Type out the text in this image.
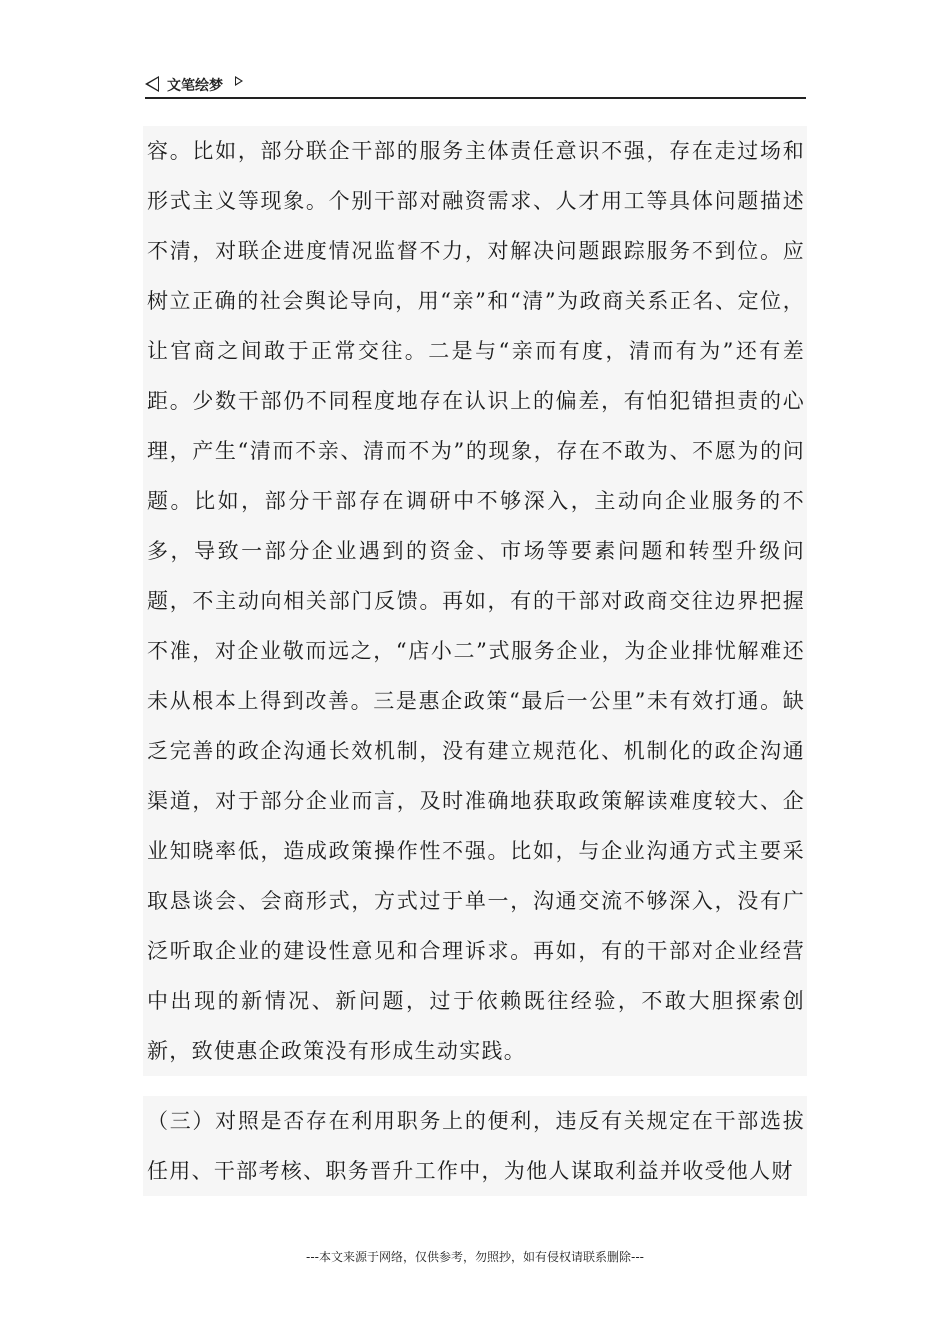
文笔绘梦

容。比如，部分联企干部的服务主体责任意识不强，存在走过场和形式主义等现象。个别干部对融资需求、人才用工等具体问题描述不清，对联企进度情况监督不力，对解决问题跟踪服务不到位。应树立正确的社会舆论导向，用“亲”和“清”为政商关系正名、定位，让官商之间敢于正常交往。二是与“亲而有度，清而有为”还有差距。少数干部仍不同程度地存在认识上的偏差，有怕犯错担责的心理，产生“清而不亲、清而不为”的现象，存在不敢为、不愿为的问题。比如，部分干部存在调研中不够深入，主动向企业服务的不多，导致一部分企业遇到的资金、市场等要素问题和转型升级问题，不主动向相关部门反馈。再如，有的干部对政商交往边界把握不准，对企业敬而远之，“店小二”式服务企业，为企业排忧解难还未从根本上得到改善。三是惠企政策“最后一公里”未有效打通。缺乏完善的政企沟通长效机制，没有建立规范化、机制化的政企沟通渠道，对于部分企业而言，及时准确地获取政策解读难度较大、企业知晓率低，造成政策操作性不强。比如，与企业沟通方式主要采取恳谈会、会商形式，方式过于单一，沟通交流不够深入，没有广泛听取企业的建设性意见和合理诉求。再如，有的干部对企业经营中出现的新情况、新问题，过于依赖既往经验，不敢大胆探索创新，致使惠企政策没有形成生动实践。

（三）对照是否存在利用职务上的便利，违反有关规定在干部选拔任用、干部考核、职务晋升工作中，为他人谋取利益并收受他人财

---本文来源于网络，仅供参考，勿照抄，如有侵权请联系删除---
